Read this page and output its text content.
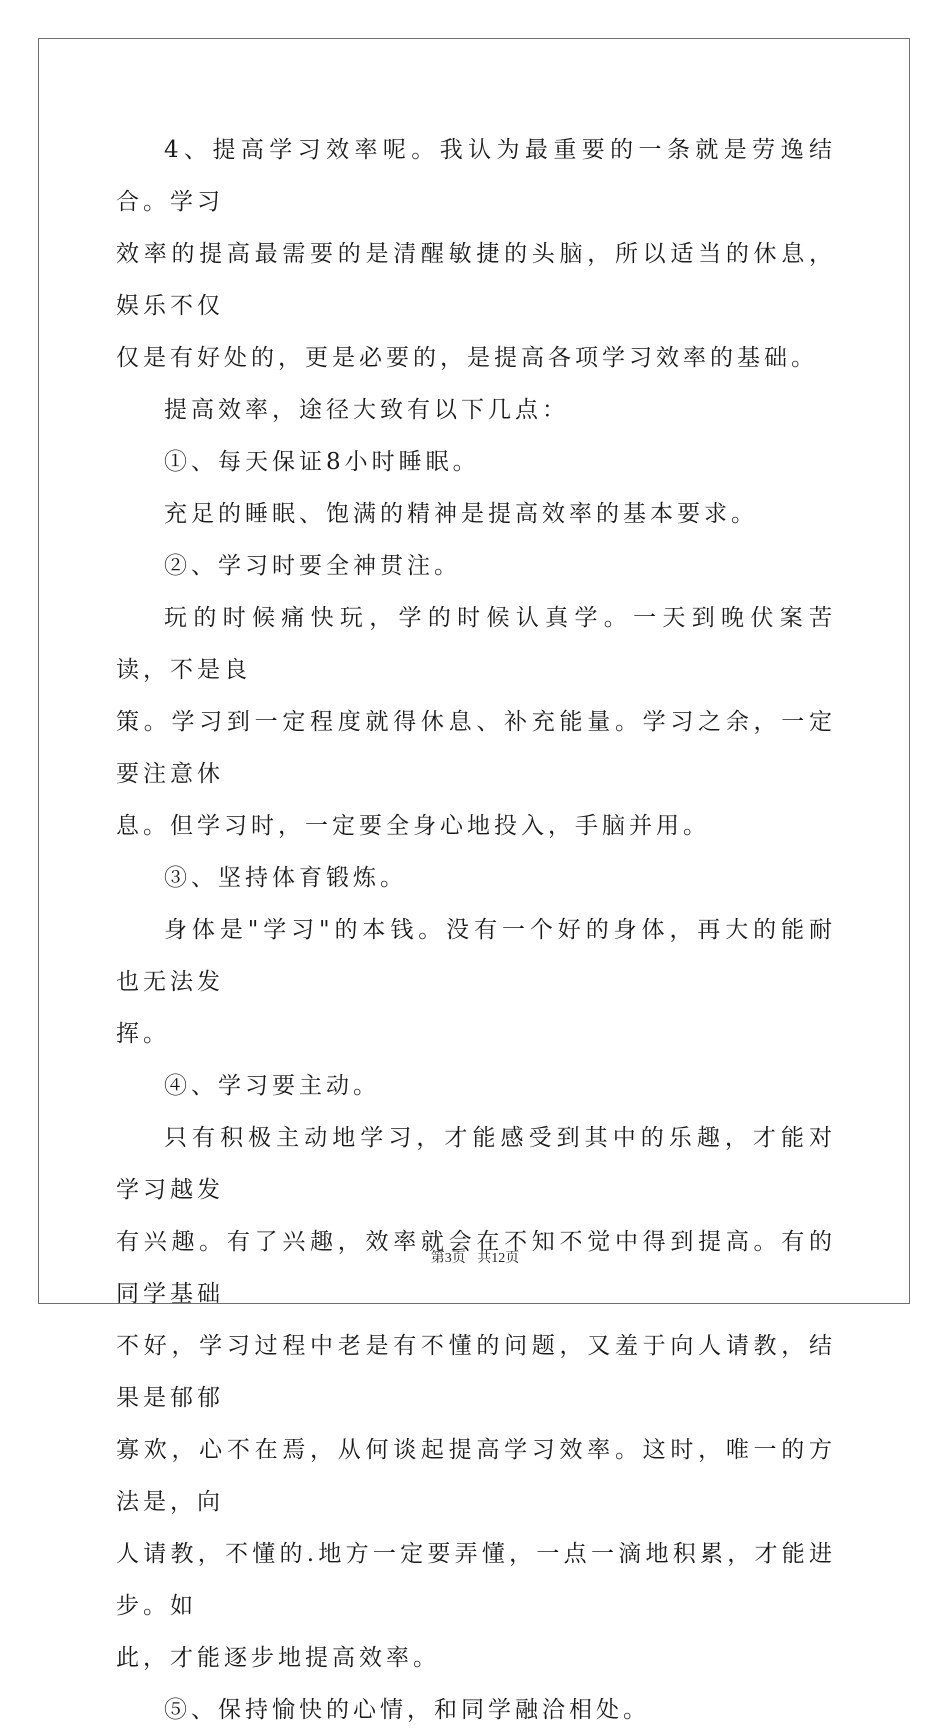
4、提高学习效率呢。我认为最重要的一条就是劳逸结合。学习

效率的提高最需要的是清醒敏捷的头脑，所以适当的休息，娱乐不仅

仅是有好处的，更是必要的，是提高各项学习效率的基础。

提高效率，途径大致有以下几点：

①、每天保证8小时睡眠。

充足的睡眠、饱满的精神是提高效率的基本要求。

②、学习时要全神贯注。

玩的时候痛快玩，学的时候认真学。一天到晚伏案苦读，不是良

策。学习到一定程度就得休息、补充能量。学习之余，一定要注意休

息。但学习时，一定要全身心地投入，手脑并用。

③、坚持体育锻炼。

身体是"学习"的本钱。没有一个好的身体，再大的能耐也无法发

挥。

④、学习要主动。

只有积极主动地学习，才能感受到其中的乐趣，才能对学习越发

有兴趣。有了兴趣，效率就会在不知不觉中得到提高。有的同学基础

不好，学习过程中老是有不懂的问题，又羞于向人请教，结果是郁郁

寡欢，心不在焉，从何谈起提高学习效率。这时，唯一的方法是，向

人请教，不懂的.地方一定要弄懂，一点一滴地积累，才能进步。如

此，才能逐步地提高效率。

⑤、保持愉快的心情，和同学融洽相处。

第3页 共12页
